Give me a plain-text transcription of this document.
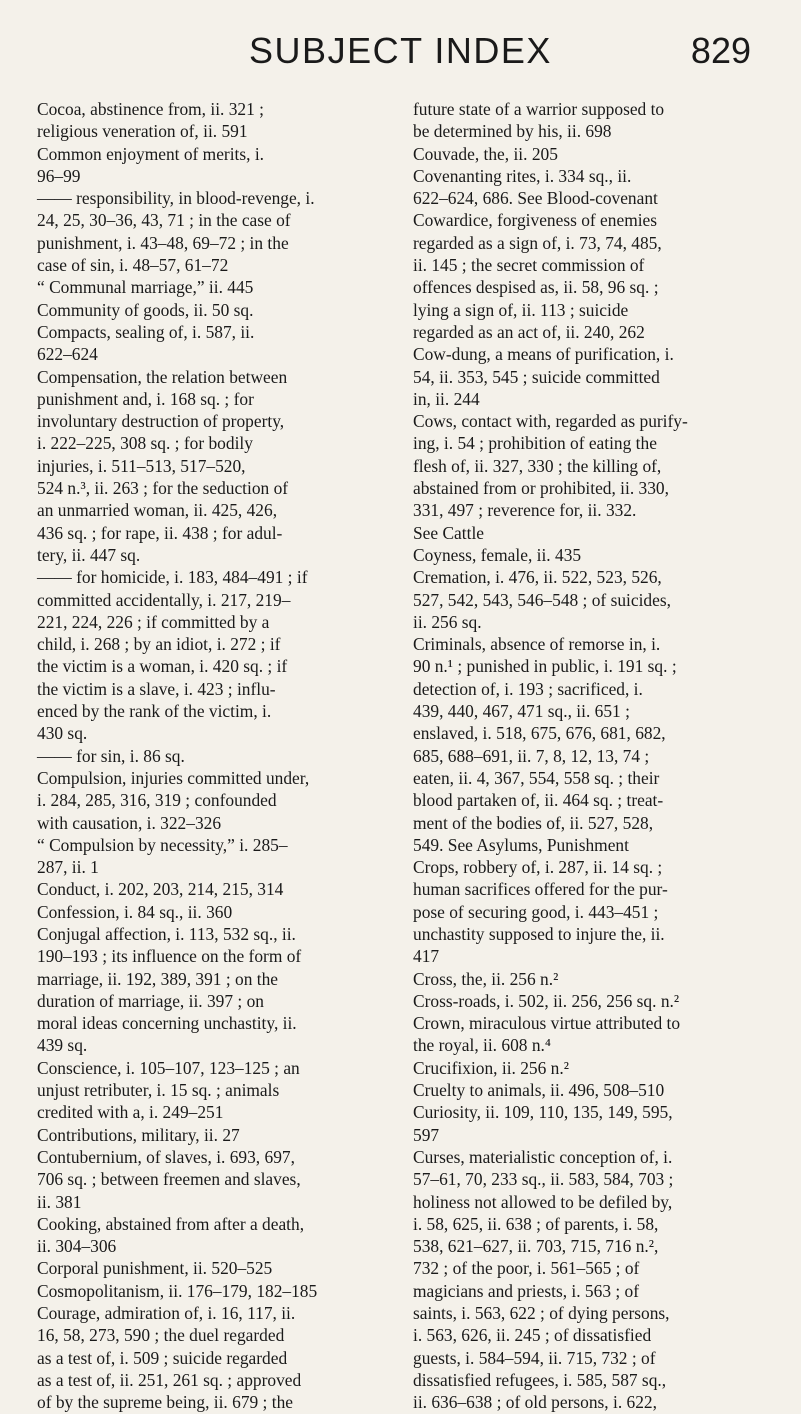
SUBJECT INDEX	829
Cocoa, abstinence from, ii. 321 ;
religious veneration of, ii. 591
Common enjoyment of merits, i.
96–99
—— responsibility, in blood-revenge, i.
24, 25, 30–36, 43, 71 ; in the case of
punishment, i. 43–48, 69–72 ; in the
case of sin, i. 48–57, 61–72
“ Communal marriage,” ii. 445
Community of goods, ii. 50 sq.
Compacts, sealing of, i. 587, ii.
622–624
Compensation, the relation between
punishment and, i. 168 sq. ; for
involuntary destruction of property,
i. 222–225, 308 sq. ; for bodily
injuries, i. 511–513, 517–520,
524 n.³, ii. 263 ; for the seduction of
an unmarried woman, ii. 425, 426,
436 sq. ; for rape, ii. 438 ; for adul-
tery, ii. 447 sq.
—— for homicide, i. 183, 484–491 ; if
committed accidentally, i. 217, 219–
221, 224, 226 ; if committed by a
child, i. 268 ; by an idiot, i. 272 ; if
the victim is a woman, i. 420 sq. ; if
the victim is a slave, i. 423 ; influ-
enced by the rank of the victim, i.
430 sq.
—— for sin, i. 86 sq.
Compulsion, injuries committed under,
i. 284, 285, 316, 319 ; confounded
with causation, i. 322–326
“ Compulsion by necessity,” i. 285–
287, ii. 1
Conduct, i. 202, 203, 214, 215, 314
Confession, i. 84 sq., ii. 360
Conjugal affection, i. 113, 532 sq., ii.
190–193 ; its influence on the form of
marriage, ii. 192, 389, 391 ; on the
duration of marriage, ii. 397 ; on
moral ideas concerning unchastity, ii.
439 sq.
Conscience, i. 105–107, 123–125 ; an
unjust retributer, i. 15 sq. ; animals
credited with a, i. 249–251
Contributions, military, ii. 27
Contubernium, of slaves, i. 693, 697,
706 sq. ; between freemen and slaves,
ii. 381
Cooking, abstained from after a death,
ii. 304–306
Corporal punishment, ii. 520–525
Cosmopolitanism, ii. 176–179, 182–185
Courage, admiration of, i. 16, 117, ii.
16, 58, 273, 590 ; the duel regarded
as a test of, i. 509 ; suicide regarded
as a test of, ii. 251, 261 sq. ; approved
of by the supreme being, ii. 679 ; the
future state of a warrior supposed to
be determined by his, ii. 698
Couvade, the, ii. 205
Covenanting rites, i. 334 sq., ii.
622–624, 686. See Blood-covenant
Cowardice, forgiveness of enemies
regarded as a sign of, i. 73, 74, 485,
ii. 145 ; the secret commission of
offences despised as, ii. 58, 96 sq. ;
lying a sign of, ii. 113 ; suicide
regarded as an act of, ii. 240, 262
Cow-dung, a means of purification, i.
54, ii. 353, 545 ; suicide committed
in, ii. 244
Cows, contact with, regarded as purify-
ing, i. 54 ; prohibition of eating the
flesh of, ii. 327, 330 ; the killing of,
abstained from or prohibited, ii. 330,
331, 497 ; reverence for, ii. 332.
See Cattle
Coyness, female, ii. 435
Cremation, i. 476, ii. 522, 523, 526,
527, 542, 543, 546–548 ; of suicides,
ii. 256 sq.
Criminals, absence of remorse in, i.
90 n.¹ ; punished in public, i. 191 sq. ;
detection of, i. 193 ; sacrificed, i.
439, 440, 467, 471 sq., ii. 651 ;
enslaved, i. 518, 675, 676, 681, 682,
685, 688–691, ii. 7, 8, 12, 13, 74 ;
eaten, ii. 4, 367, 554, 558 sq. ; their
blood partaken of, ii. 464 sq. ; treat-
ment of the bodies of, ii. 527, 528,
549. See Asylums, Punishment
Crops, robbery of, i. 287, ii. 14 sq. ;
human sacrifices offered for the pur-
pose of securing good, i. 443–451 ;
unchastity supposed to injure the, ii.
417
Cross, the, ii. 256 n.²
Cross-roads, i. 502, ii. 256, 256 sq. n.²
Crown, miraculous virtue attributed to
the royal, ii. 608 n.⁴
Crucifixion, ii. 256 n.²
Cruelty to animals, ii. 496, 508–510
Curiosity, ii. 109, 110, 135, 149, 595,
597
Curses, materialistic conception of, i.
57–61, 70, 233 sq., ii. 583, 584, 703 ;
holiness not allowed to be defiled by,
i. 58, 625, ii. 638 ; of parents, i. 58,
538, 621–627, ii. 703, 715, 716 n.²,
732 ; of the poor, i. 561–565 ; of
magicians and priests, i. 563 ; of
saints, i. 563, 622 ; of dying persons,
i. 563, 626, ii. 245 ; of dissatisfied
guests, i. 584–594, ii. 715, 732 ; of
dissatisfied refugees, i. 585, 587 sq.,
ii. 636–638 ; of old persons, i. 622,
